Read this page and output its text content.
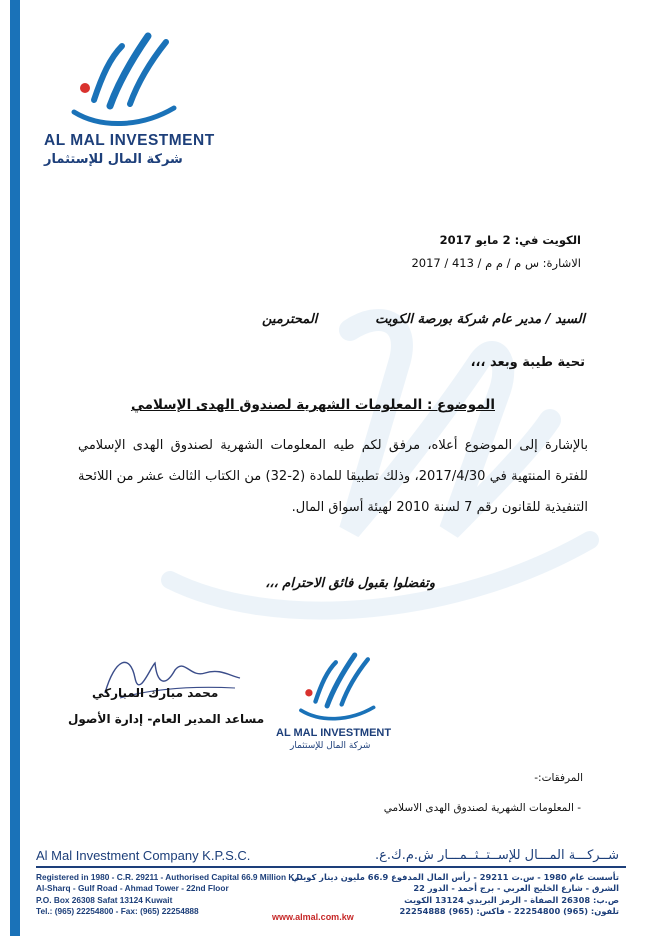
AL MAL INVESTMENT
شركة المال للإستثمار
الكويت في: 2 مايو 2017
الاشارة: س م / م م / 413 / 2017
السيد / مدير عام شركة بورصة الكويت
المحترمين
تحية طيبة وبعد ،،،
الموضوع : المعلومات الشهرية لصندوق الهدى الإسلامي
بالإشارة إلى الموضوع أعلاه، مرفق لكم طيه المعلومات الشهرية لصندوق الهدى الإسلامي للفترة المنتهية في 2017/4/30، وذلك تطبيقا للمادة (2-32) من الكتاب الثالث عشر من اللائحة التنفيذية للقانون رقم 7 لسنة 2010 لهيئة أسواق المال.
وتفضلوا بقبول فائق الاحترام ،،،
محمد مبارك المباركي
مساعد المدير العام- إدارة الأصول
AL MAL INVESTMENT
شركة المال للإستثمار
المرفقات:-
- المعلومات الشهرية لصندوق الهدى الاسلامي
Al Mal Investment Company K.P.S.C.	شــركـــة المـــال للإســتــثــمـــار ش.م.ك.ع.
Registered in 1980 - C.R. 29211 - Authorised Capital 66.9 Million K.D.
Al-Sharq - Gulf Road - Ahmad Tower - 22nd Floor
P.O. Box 26308 Safat 13124 Kuwait
Tel.: (965) 22254800 - Fax: (965) 22254888
تأسست عام 1980 - س.ت 29211 - رأس المال المدفوع 66.9 مليون دينار كويتي
الشرق - شارع الخليج العربي - برج أحمد - الدور 22
ص.ب: 26308 الصفاة - الرمز البريدي 13124 الكويت
تلفون: (965) 22254800 - فاكس: (965) 22254888
www.almal.com.kw
